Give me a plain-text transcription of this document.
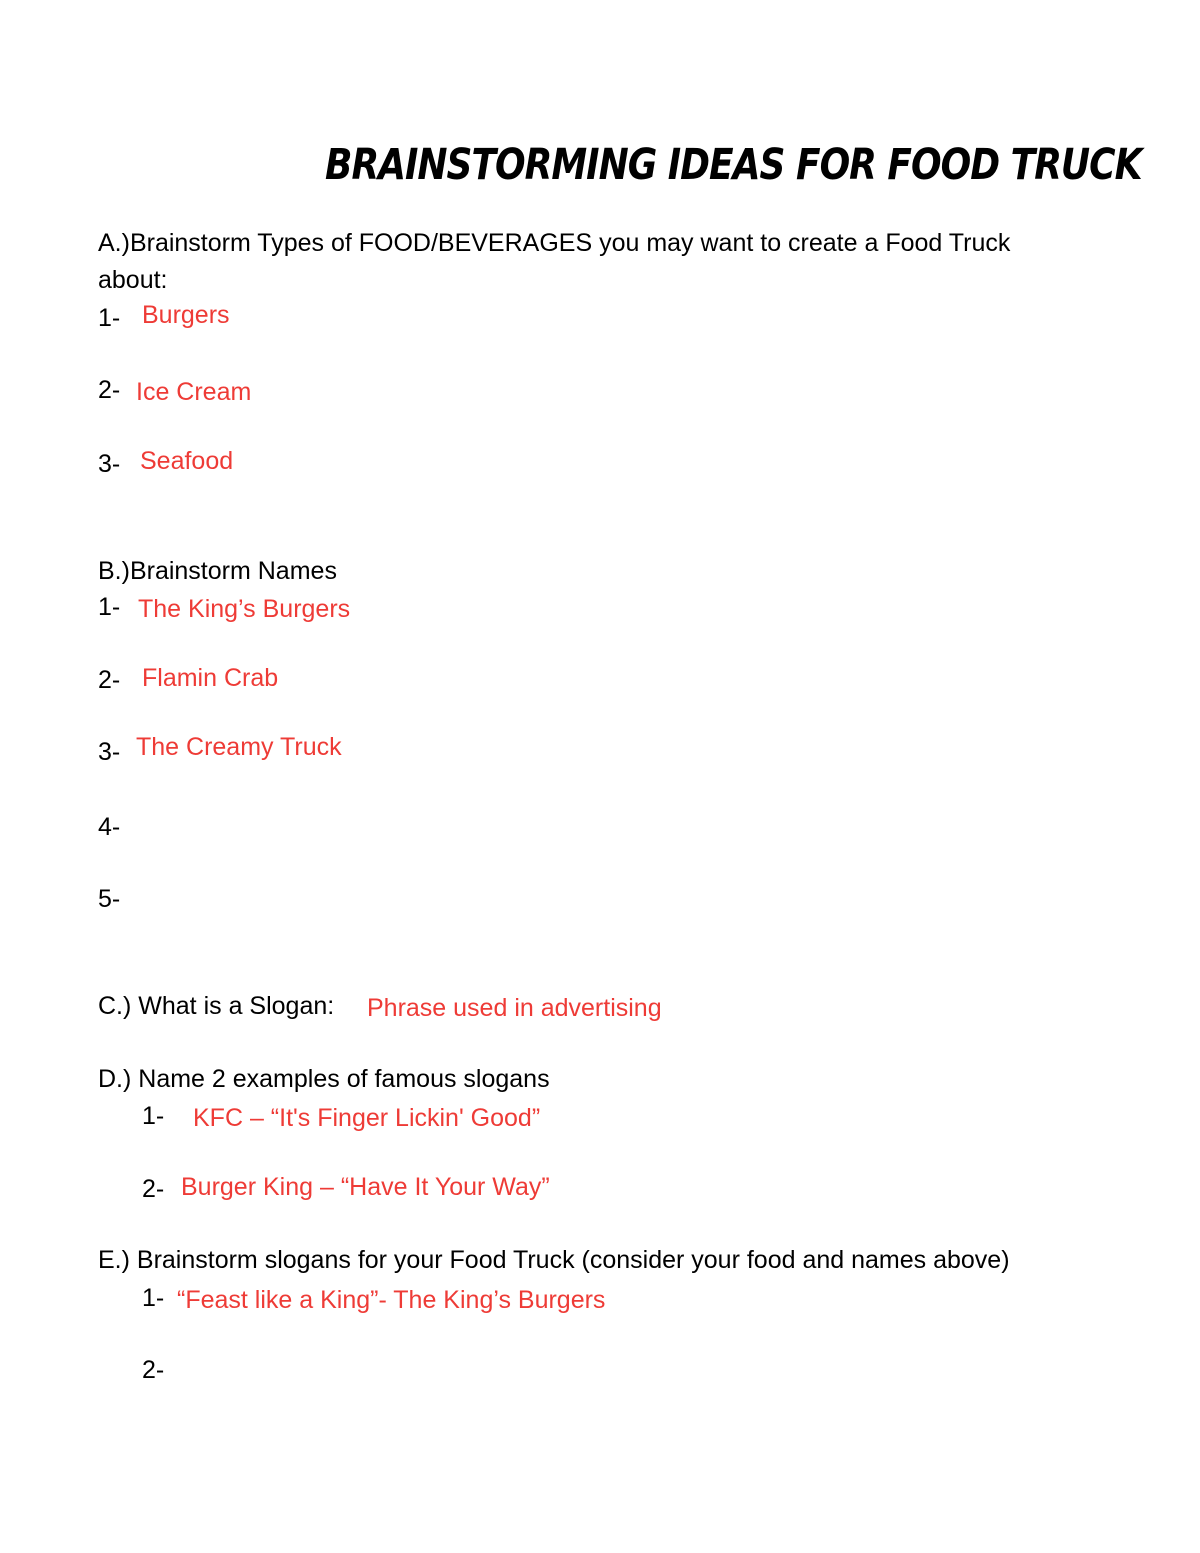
BRAINSTORMING IDEAS FOR FOOD TRUCK
A.)Brainstorm Types of FOOD/BEVERAGES you may want to create a Food Truck
about:
1- Burgers
2- Ice Cream
3- Seafood
B.)Brainstorm Names
1- The King’s Burgers
2- Flamin Crab
3- The Creamy Truck
4-
5-
C.) What is a Slogan: Phrase used in advertising
D.) Name 2 examples of famous slogans
1- KFC – “It's Finger Lickin' Good”
2- Burger King – “Have It Your Way”
E.) Brainstorm slogans for your Food Truck (consider your food and names above)
1- “Feast like a King”- The King’s Burgers
2-
